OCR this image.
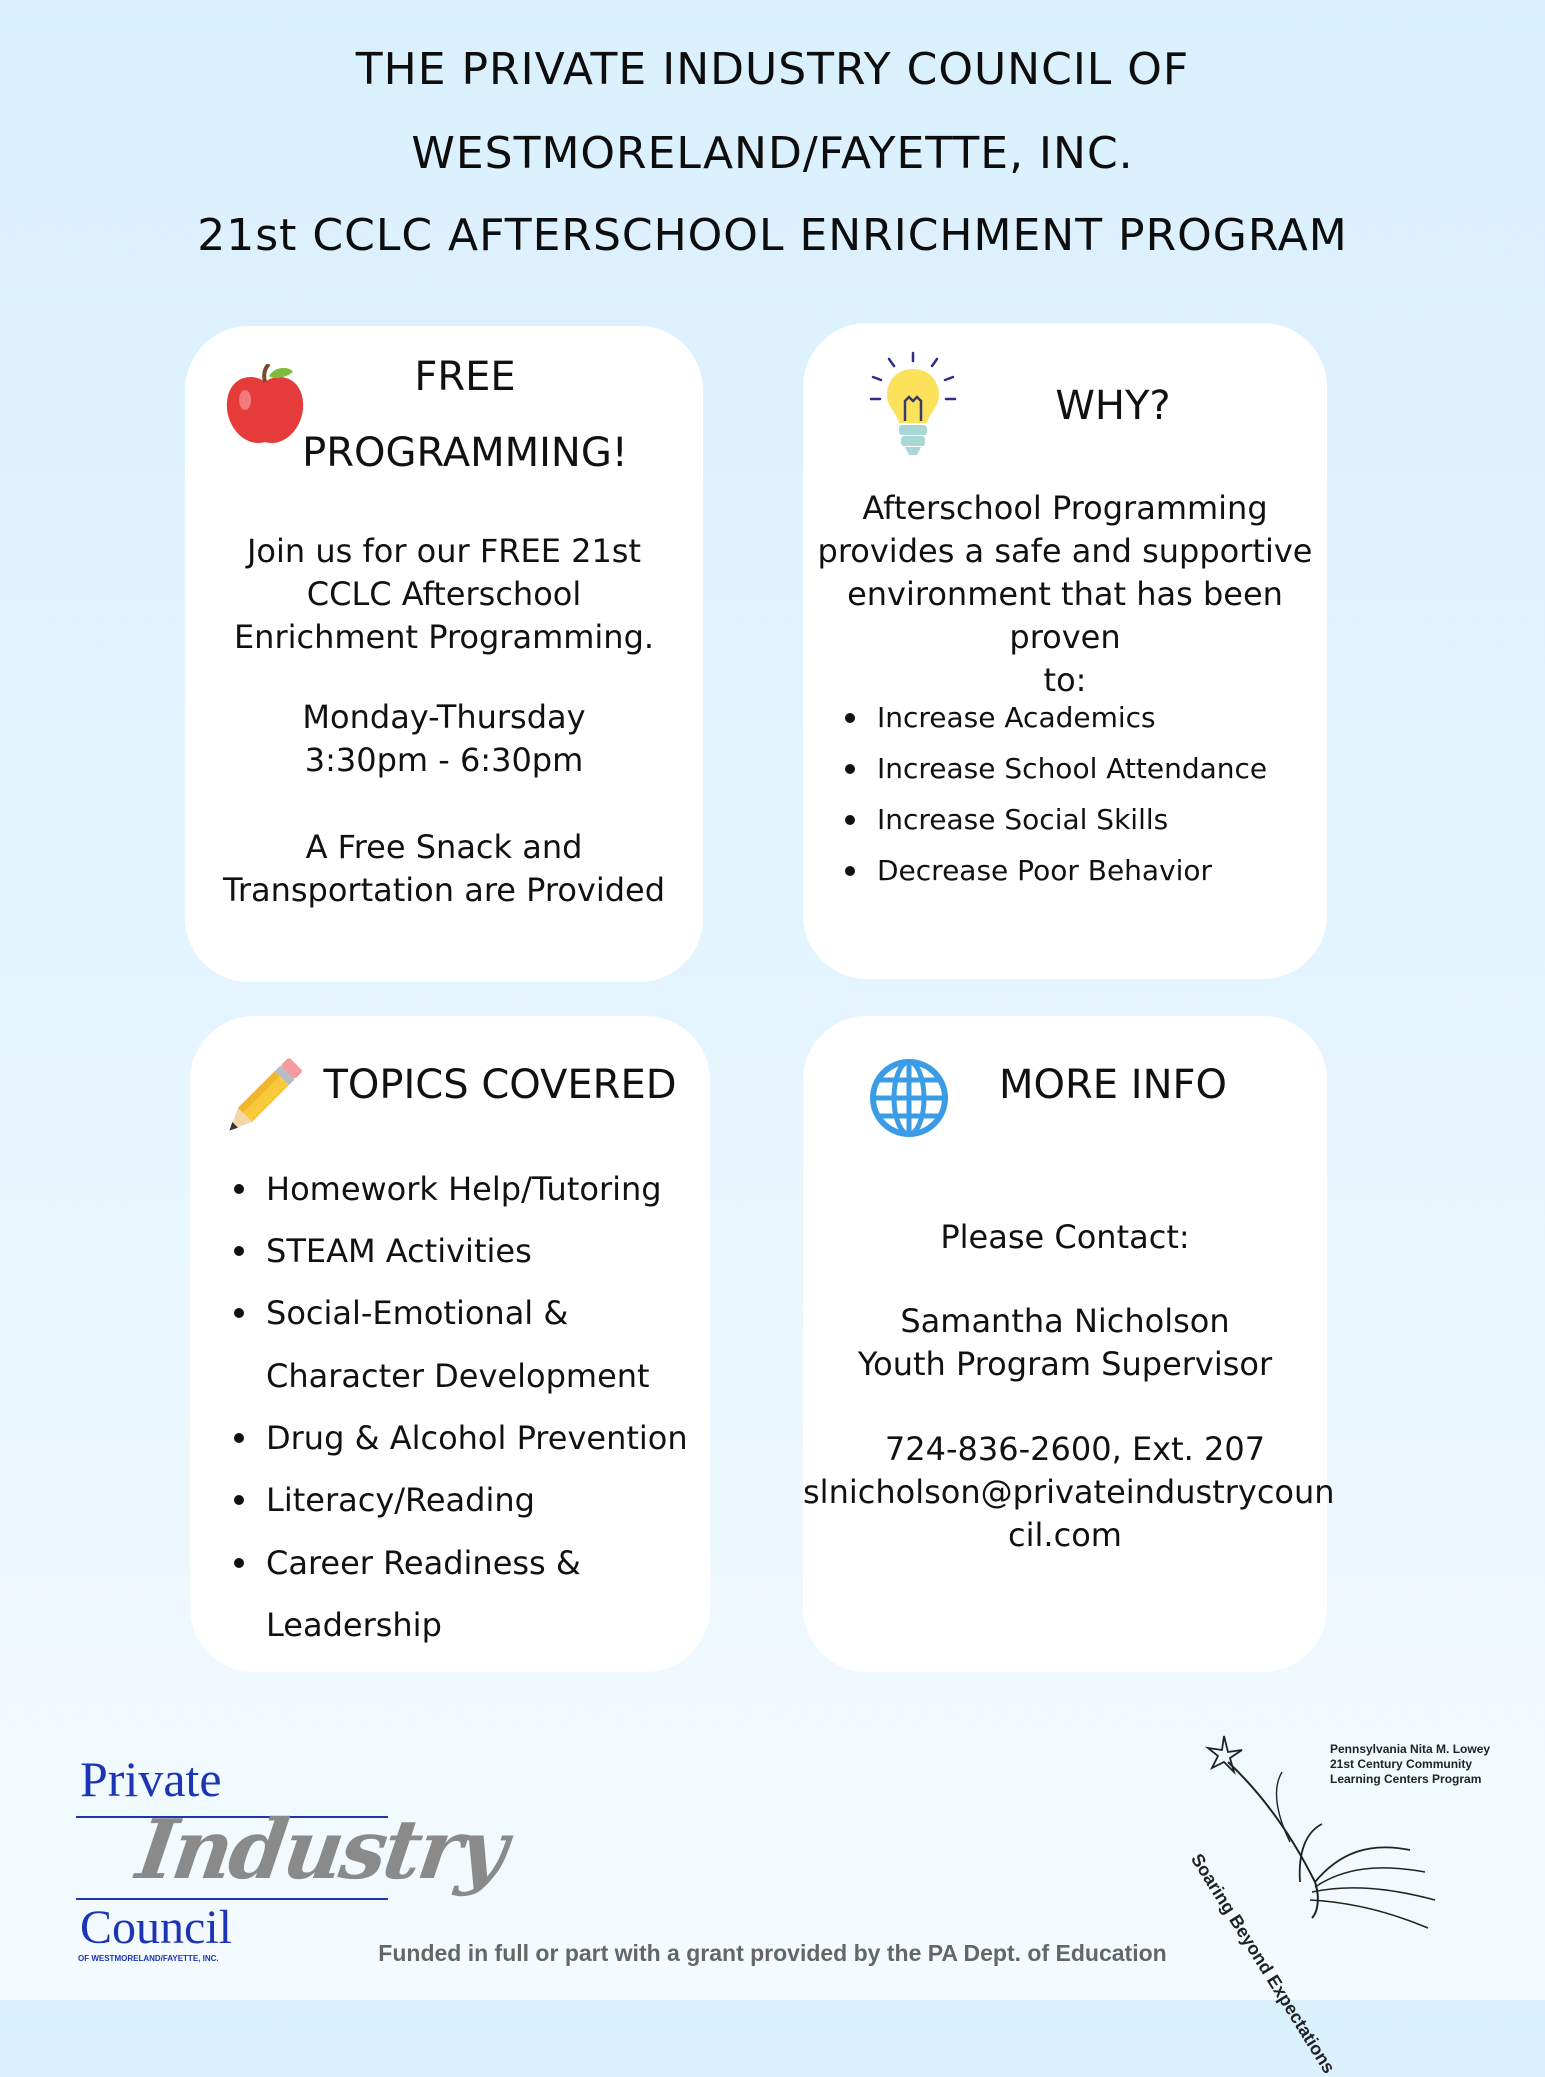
THE PRIVATE INDUSTRY COUNCIL OF
WESTMORELAND/FAYETTE, INC.
21st CCLC AFTERSCHOOL ENRICHMENT PROGRAM
FREE
PROGRAMMING!
Join us for our FREE 21st
CCLC Afterschool
Enrichment Programming.
Monday-Thursday
3:30pm - 6:30pm
A Free Snack and
Transportation are Provided
WHY?
Afterschool Programming
provides a safe and supportive
environment that has been proven
to:
Increase Academics
Increase School Attendance
Increase Social Skills
Decrease Poor Behavior
TOPICS COVERED
Homework Help/Tutoring
STEAM Activities
Social-Emotional &
Character Development
Drug & Alcohol Prevention
Literacy/Reading
Career Readiness &
Leadership
MORE INFO
Please Contact:
Samantha Nicholson
Youth Program Supervisor
724-836-2600, Ext. 207
slnicholson@privateindustrycoun
cil.com
Private
Industry
Council
OF WESTMORELAND/FAYETTE, INC.
Pennsylvania Nita M. Lowey
21st Century Community
Learning Centers Program
Soaring Beyond Expectations
Funded in full or part with a grant provided by the PA Dept. of Education
